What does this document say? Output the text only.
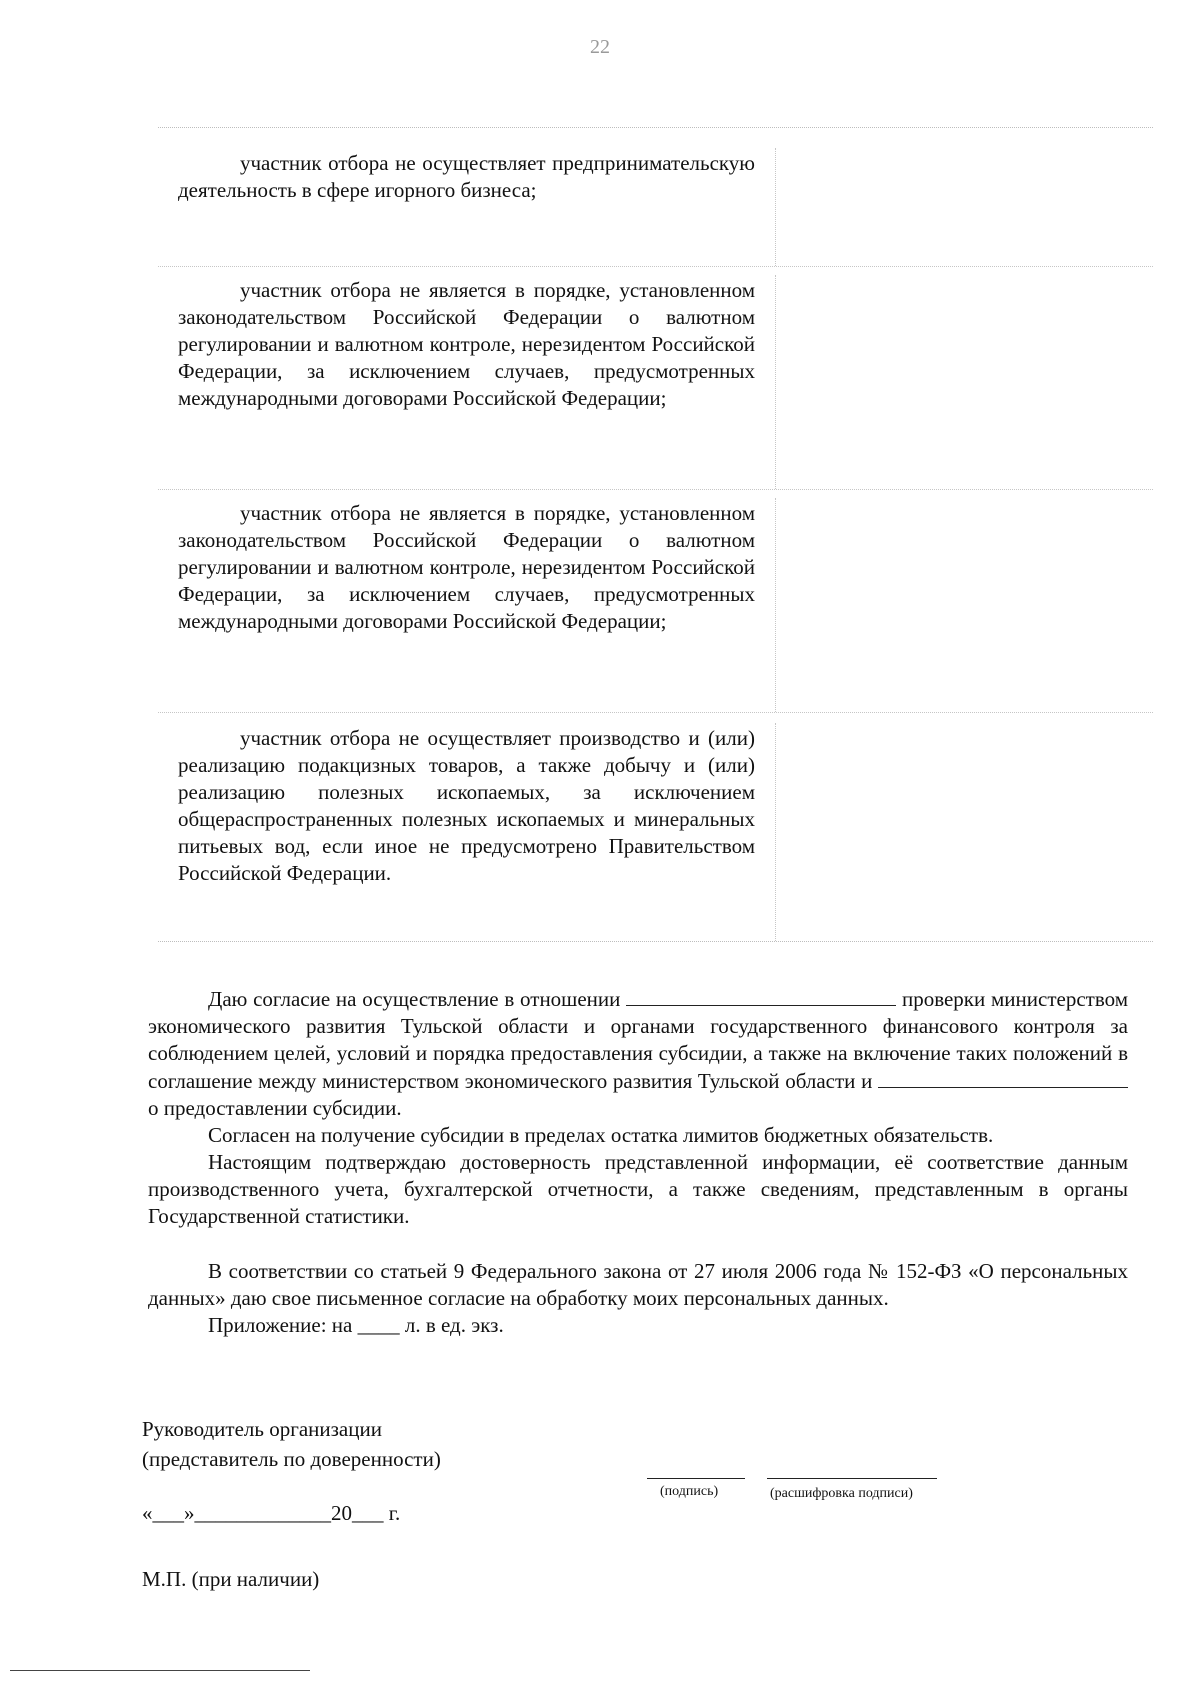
22

участник отбора не осуществляет предпринимательскую деятельность в сфере игорного бизнеса;

участник отбора не является в порядке, установленном законодательством Российской Федерации о валютном регулировании и валютном контроле, нерезидентом Российской Федерации, за исключением случаев, предусмотренных международными договорами Российской Федерации;

участник отбора не является в порядке, установленном законодательством Российской Федерации о валютном регулировании и валютном контроле, нерезидентом Российской Федерации, за исключением случаев, предусмотренных международными договорами Российской Федерации;

участник отбора не осуществляет производство и (или) реализацию подакцизных товаров, а также добычу и (или) реализацию полезных ископаемых, за исключением общераспространенных полезных ископаемых и минеральных питьевых вод, если иное не предусмотрено Правительством Российской Федерации.

Даю согласие на осуществление в отношении	проверки министерством экономического развития Тульской области и органами государственного финансового контроля за соблюдением целей, условий и порядка предоставления субсидии, а также на включение таких положений в соглашение между министерством экономического развития Тульской области и  о предоставлении субсидии.

Согласен на получение субсидии в пределах остатка лимитов бюджетных обязательств.

Настоящим подтверждаю достоверность представленной информации, её соответствие данным производственного учета, бухгалтерской отчетности, а также сведениям, представленным в органы Государственной статистики.

В соответствии со статьей 9 Федерального закона от 27 июля 2006 года № 152-ФЗ «О персональных данных» даю свое письменное согласие на обработку моих персональных данных.

Приложение: на ____ л. в ед. экз.

Руководитель организации
(представитель по доверенности)
(подпись)	(расшифровка подписи)
«___»_____________20___ г.
М.П. (при наличии)
